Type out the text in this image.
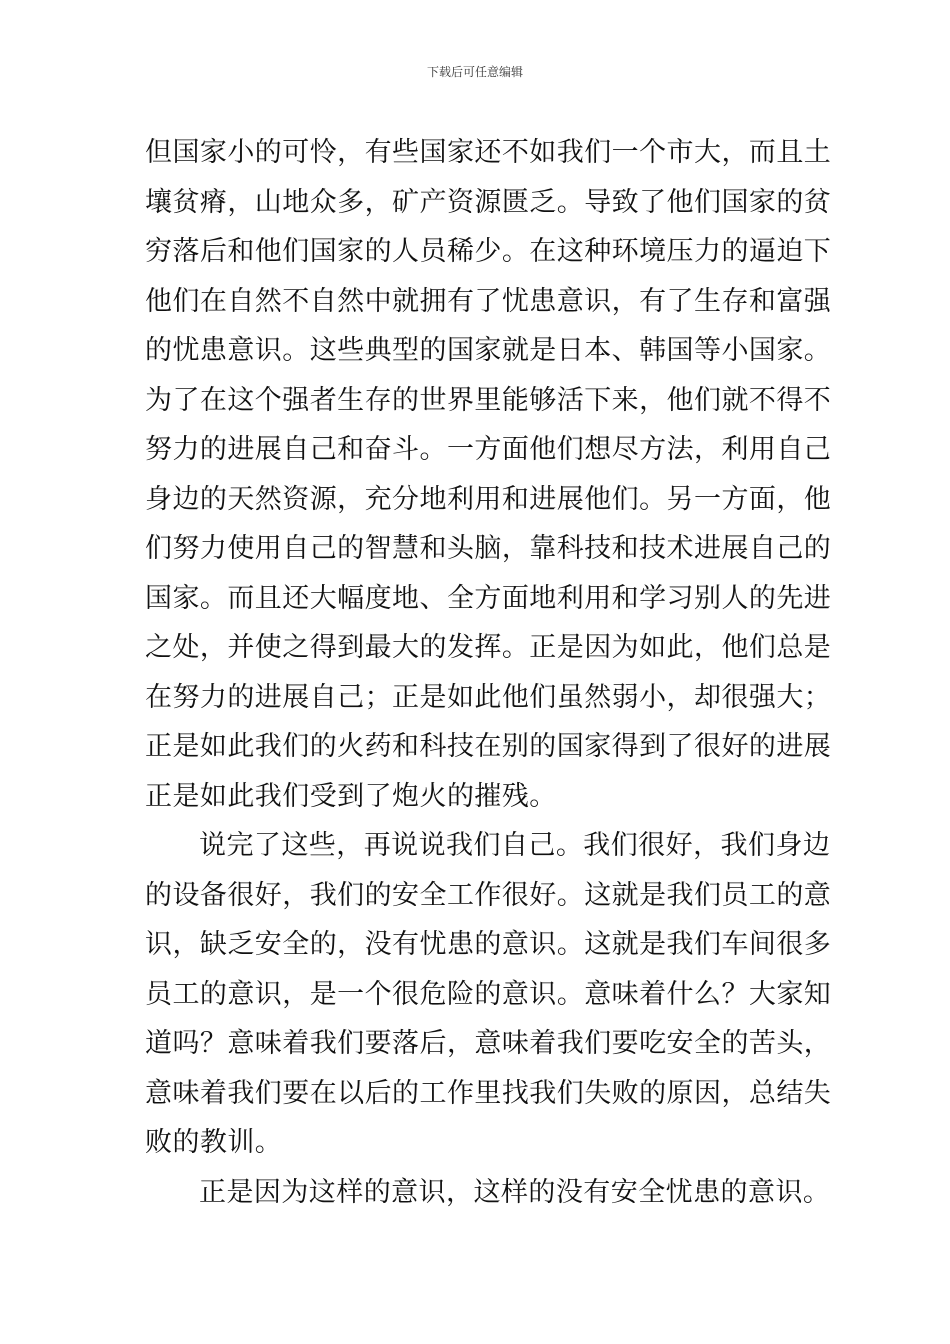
下载后可任意编辑
但国家小的可怜，有些国家还不如我们一个市大，而且土
壤贫瘠，山地众多，矿产资源匮乏。导致了他们国家的贫
穷落后和他们国家的人员稀少。在这种环境压力的逼迫下
他们在自然不自然中就拥有了忧患意识，有了生存和富强
的忧患意识。这些典型的国家就是日本、韩国等小国家。
为了在这个强者生存的世界里能够活下来，他们就不得不
努力的进展自己和奋斗。一方面他们想尽方法，利用自己
身边的天然资源，充分地利用和进展他们。另一方面，他
们努力使用自己的智慧和头脑，靠科技和技术进展自己的
国家。而且还大幅度地、全方面地利用和学习别人的先进
之处，并使之得到最大的发挥。正是因为如此，他们总是
在努力的进展自己；正是如此他们虽然弱小，却很强大；
正是如此我们的火药和科技在别的国家得到了很好的进展
正是如此我们受到了炮火的摧残。
说完了这些，再说说我们自己。我们很好，我们身边
的设备很好，我们的安全工作很好。这就是我们员工的意
识，缺乏安全的，没有忧患的意识。这就是我们车间很多
员工的意识，是一个很危险的意识。意味着什么？大家知
道吗？意味着我们要落后，意味着我们要吃安全的苦头，
意味着我们要在以后的工作里找我们失败的原因，总结失
败的教训。
正是因为这样的意识，这样的没有安全忧患的意识。
